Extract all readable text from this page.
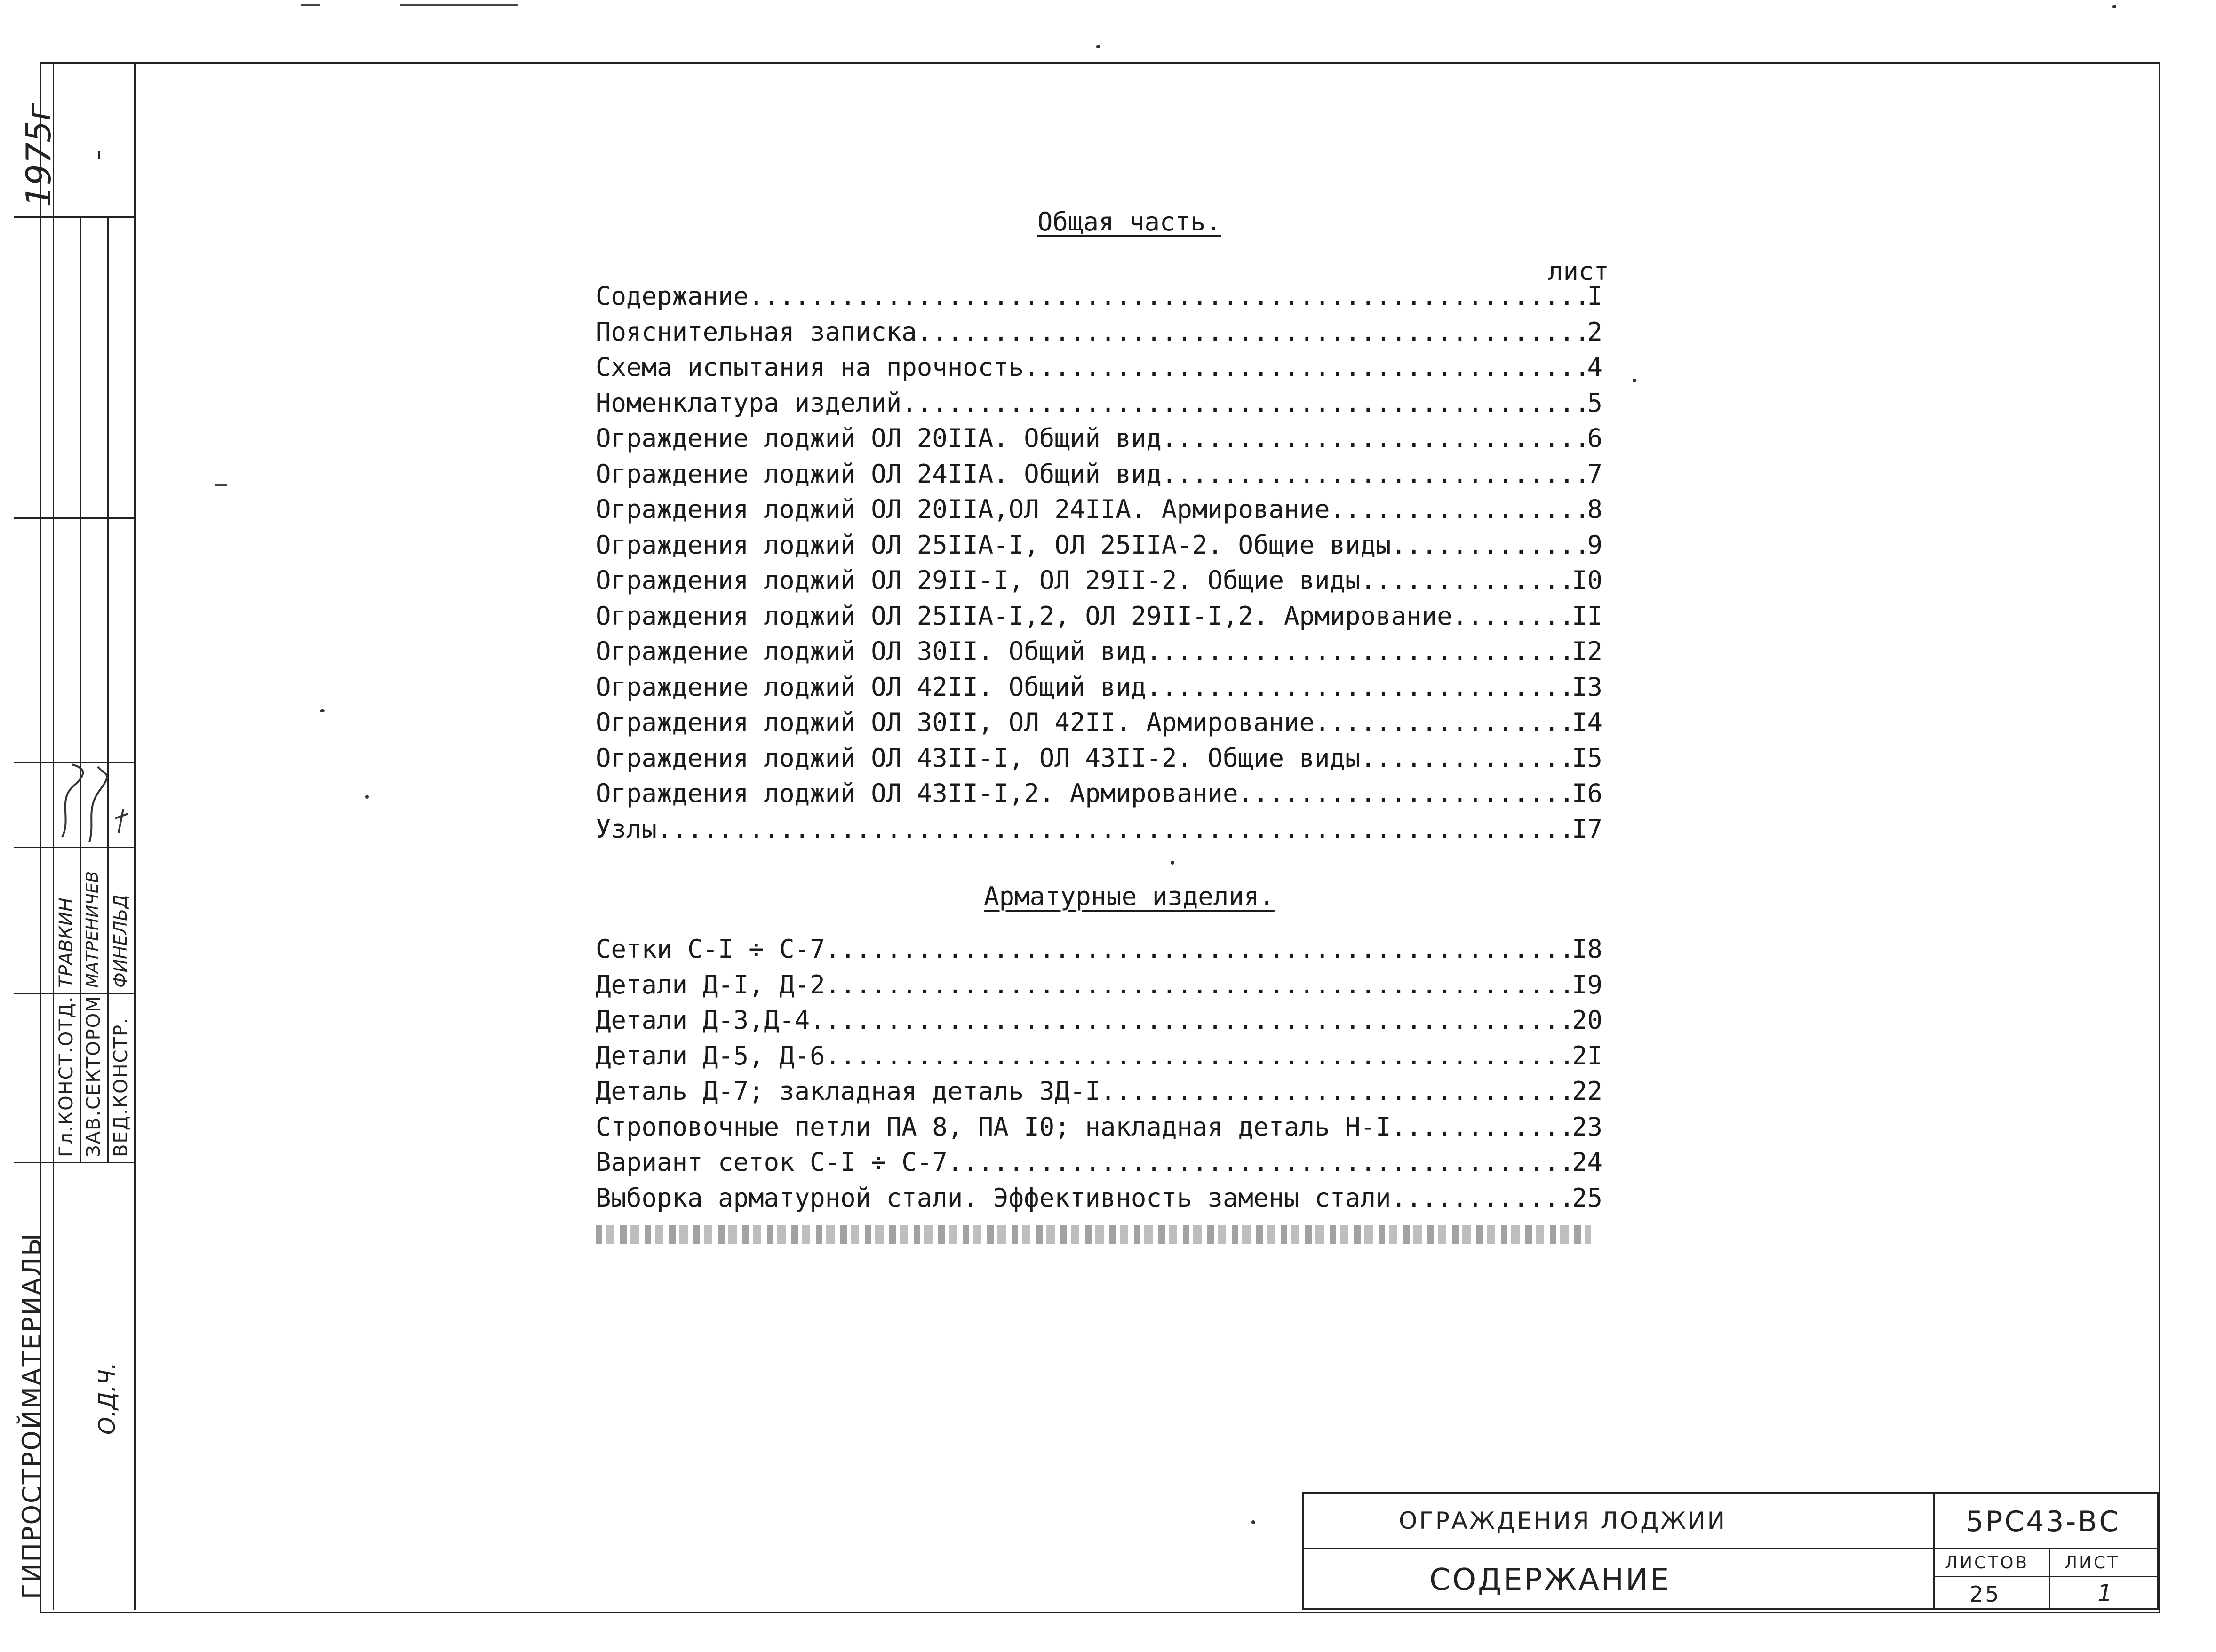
1975г -
ГИПРОСТРОЙМАТЕРИАЛЫ
Гл.КОНСТ.ОТД. ЗАВ.СЕКТОРОМ ВЕД.КОНСТР.
ТРАВКИН МАТРЕНИЧЕВ ФИНЕЛЬД
О.Д.Ч.
Общая часть.
лист
Содержание .....	I
Пояснительная записка .....	2
Схема испытания на прочность .....	4
Номенклатура изделий .....	5
Ограждение лоджий ОЛ 20IIА. Общий вид .....	6
Ограждение лоджий ОЛ 24IIА. Общий вид .....	7
Ограждения лоджий ОЛ 20IIА,ОЛ 24IIА. Армирование .....	8
Ограждения лоджий ОЛ 25IIА-I, ОЛ 25IIА-2. Общие виды .....	9
Ограждения лоджий ОЛ 29II-I, ОЛ 29II-2. Общие виды .....	I0
Ограждения лоджий ОЛ 25IIА-I,2, ОЛ 29II-I,2. Армирование .....	II
Ограждение лоджий ОЛ 30II. Общий вид .....	I2
Ограждение лоджий ОЛ 42II. Общий вид .....	I3
Ограждения лоджий ОЛ 30II, ОЛ 42II. Армирование .....	I4
Ограждения лоджий ОЛ 43II-I, ОЛ 43II-2. Общие виды .....	I5
Ограждения лоджий ОЛ 43II-I,2. Армирование .....	I6
Узлы .....	I7
Арматурные изделия.
Сетки С-I ÷ С-7 .....	I8
Детали Д-I, Д-2 .....	I9
Детали Д-3,Д-4 .....	20
Детали Д-5, Д-6 .....	2I
Деталь Д-7; закладная деталь ЗД-I .....	22
Строповочные петли ПА 8, ПА I0; накладная деталь Н-I .....	23
Вариант сеток С-I ÷ С-7 .....	24
Выборка арматурной стали. Эффективность замены стали .....	25
ОГРАЖДЕНИЯ ЛОДЖИИ
СОДЕРЖАНИЕ
5РС43-ВС
ЛИСТОВ ЛИСТ
25	1
